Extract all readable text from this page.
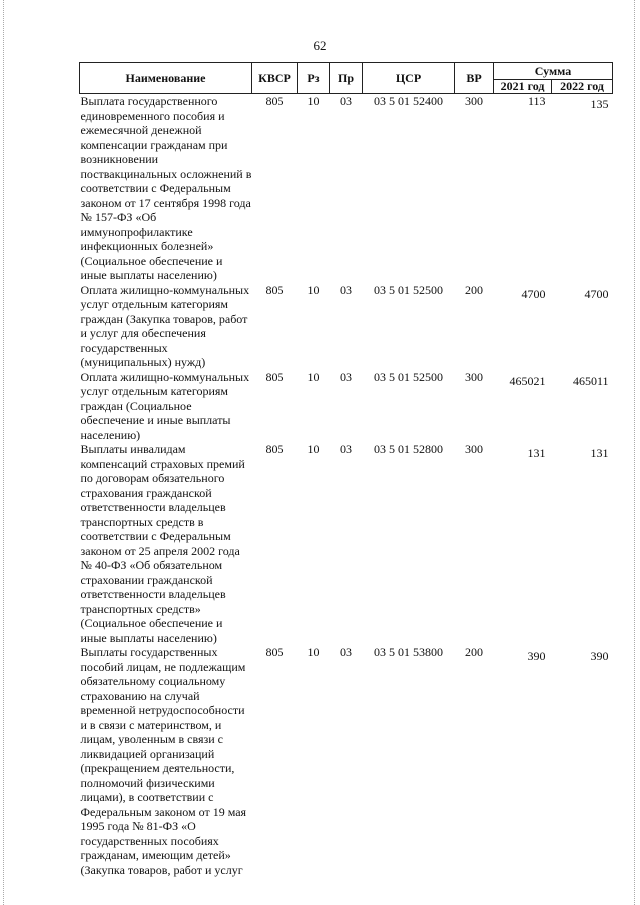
62
Наименование	КВСР	Рз	Пр	ЦСР	ВР	Сумма	
						2021 год	2022 год
Выплата государственного единовременного пособия и ежемесячной денежной компенсации гражданам при возникновении поствакцинальных осложнений в соответствии с Федеральным законом от 17 сентября 1998 года № 157-ФЗ «Об иммунопрофилактике инфекционных болезней» (Социальное обеспечение и иные выплаты населению)	805	10	03	03 5 01 52400	300	113	135
Оплата жилищно-коммунальных услуг отдельным категориям граждан (Закупка товаров, работ и услуг для обеспечения государственных (муниципальных) нужд)	805	10	03	03 5 01 52500	200	4700	4700
Оплата жилищно-коммунальных услуг отдельным категориям граждан (Социальное обеспечение и иные выплаты населению)	805	10	03	03 5 01 52500	300	465021	465011
Выплаты инвалидам компенсаций страховых премий по договорам обязательного страхования гражданской ответственности владельцев транспортных средств в соответствии с Федеральным законом от 25 апреля 2002 года № 40-ФЗ «Об обязательном страховании гражданской ответственности владельцев транспортных средств» (Социальное обеспечение и иные выплаты населению)	805	10	03	03 5 01 52800	300	131	131
Выплаты государственных пособий лицам, не подлежащим обязательному социальному страхованию на случай временной нетрудоспособности и в связи с материнством, и лицам, уволенным в связи с ликвидацией организаций (прекращением деятельности, полномочий физическими лицами), в соответствии с Федеральным законом от 19 мая 1995 года № 81-ФЗ «О государственных пособиях гражданам, имеющим детей» (Закупка товаров, работ и услуг	805	10	03	03 5 01 53800	200	390	390
